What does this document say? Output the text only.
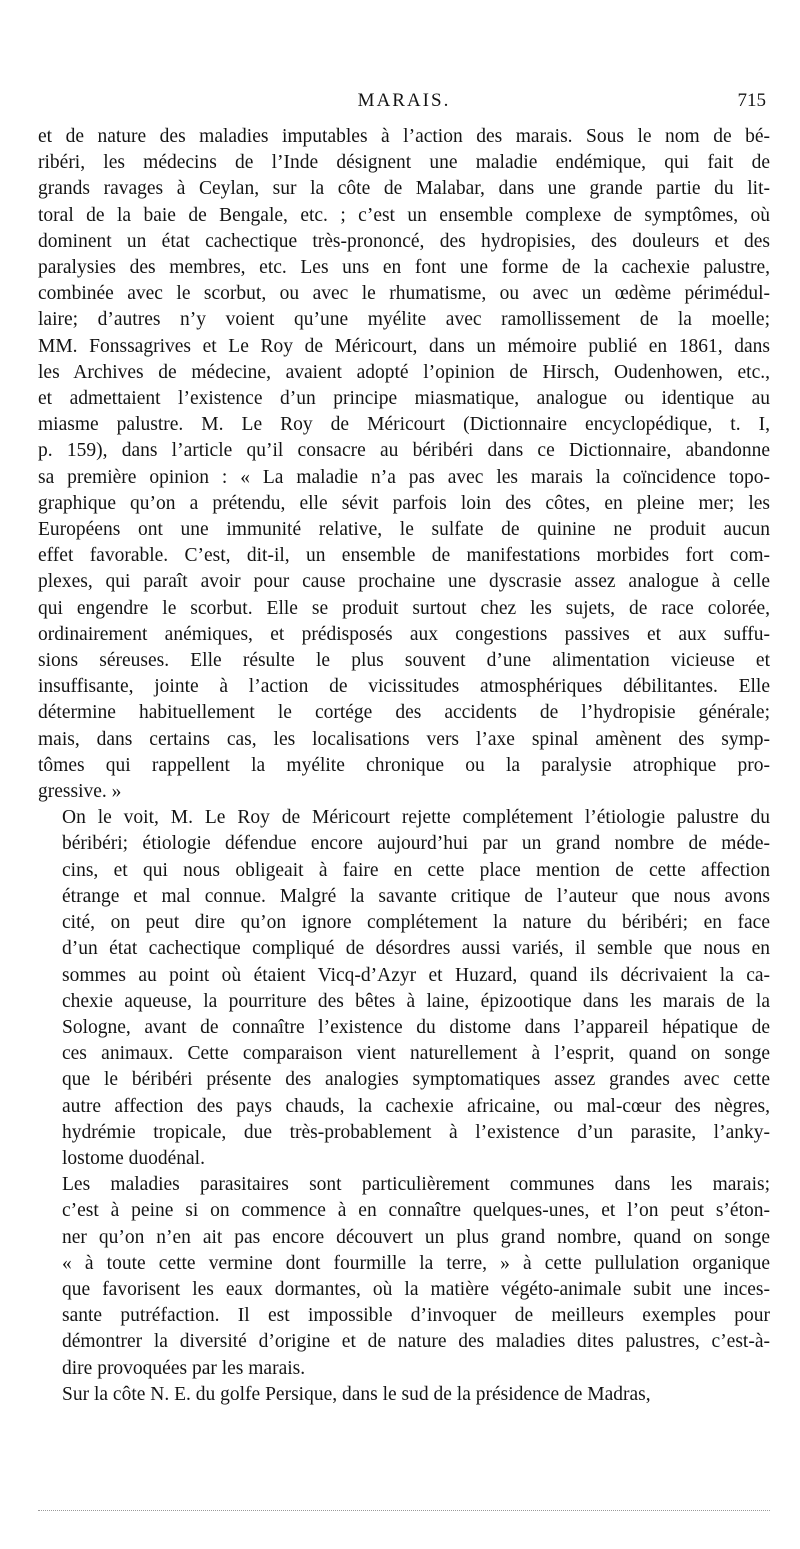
MARAIS.	715

et de nature des maladies imputables à l’action des marais. Sous le nom de bé-
ribéri, les médecins de l’Inde désignent une maladie endémique, qui fait de
grands ravages à Ceylan, sur la côte de Malabar, dans une grande partie du lit-
toral de la baie de Bengale, etc. ; c’est un ensemble complexe de symptômes, où
dominent un état cachectique très-prononcé, des hydropisies, des douleurs et des
paralysies des membres, etc. Les uns en font une forme de la cachexie palustre,
combinée avec le scorbut, ou avec le rhumatisme, ou avec un œdème périmédul-
laire; d’autres n’y voient qu’une myélite avec ramollissement de la moelle;
MM. Fonssagrives et Le Roy de Méricourt, dans un mémoire publié en 1861, dans
les Archives de médecine, avaient adopté l’opinion de Hirsch, Oudenhowen, etc.,
et admettaient l’existence d’un principe miasmatique, analogue ou identique au
miasme palustre. M. Le Roy de Méricourt (Dictionnaire encyclopédique, t. I,
p. 159), dans l’article qu’il consacre au béribéri dans ce Dictionnaire, abandonne
sa première opinion : « La maladie n’a pas avec les marais la coïncidence topo-
graphique qu’on a prétendu, elle sévit parfois loin des côtes, en pleine mer; les
Européens ont une immunité relative, le sulfate de quinine ne produit aucun
effet favorable. C’est, dit-il, un ensemble de manifestations morbides fort com-
plexes, qui paraît avoir pour cause prochaine une dyscrasie assez analogue à celle
qui engendre le scorbut. Elle se produit surtout chez les sujets, de race colorée,
ordinairement anémiques, et prédisposés aux congestions passives et aux suffu-
sions séreuses. Elle résulte le plus souvent d’une alimentation vicieuse et
insuffisante, jointe à l’action de vicissitudes atmosphériques débilitantes. Elle
détermine habituellement le cortége des accidents de l’hydropisie générale;
mais, dans certains cas, les localisations vers l’axe spinal amènent des symp-
tômes qui rappellent la myélite chronique ou la paralysie atrophique pro-
gressive. »

On le voit, M. Le Roy de Méricourt rejette complétement l’étiologie palustre du
béribéri; étiologie défendue encore aujourd’hui par un grand nombre de méde-
cins, et qui nous obligeait à faire en cette place mention de cette affection
étrange et mal connue. Malgré la savante critique de l’auteur que nous avons
cité, on peut dire qu’on ignore complétement la nature du béribéri; en face
d’un état cachectique compliqué de désordres aussi variés, il semble que nous en
sommes au point où étaient Vicq-d’Azyr et Huzard, quand ils décrivaient la ca-
chexie aqueuse, la pourriture des bêtes à laine, épizootique dans les marais de la
Sologne, avant de connaître l’existence du distome dans l’appareil hépatique de
ces animaux. Cette comparaison vient naturellement à l’esprit, quand on songe
que le béribéri présente des analogies symptomatiques assez grandes avec cette
autre affection des pays chauds, la cachexie africaine, ou mal-cœur des nègres,
hydrémie tropicale, due très-probablement à l’existence d’un parasite, l’anky-
lostome duodénal.

Les maladies parasitaires sont particulièrement communes dans les marais;
c’est à peine si on commence à en connaître quelques-unes, et l’on peut s’éton-
ner qu’on n’en ait pas encore découvert un plus grand nombre, quand on songe
« à toute cette vermine dont fourmille la terre, » à cette pullulation organique
que favorisent les eaux dormantes, où la matière végéto-animale subit une inces-
sante putréfaction. Il est impossible d’invoquer de meilleurs exemples pour
démontrer la diversité d’origine et de nature des maladies dites palustres, c’est-à-
dire provoquées par les marais.

Sur la côte N. E. du golfe Persique, dans le sud de la présidence de Madras,
